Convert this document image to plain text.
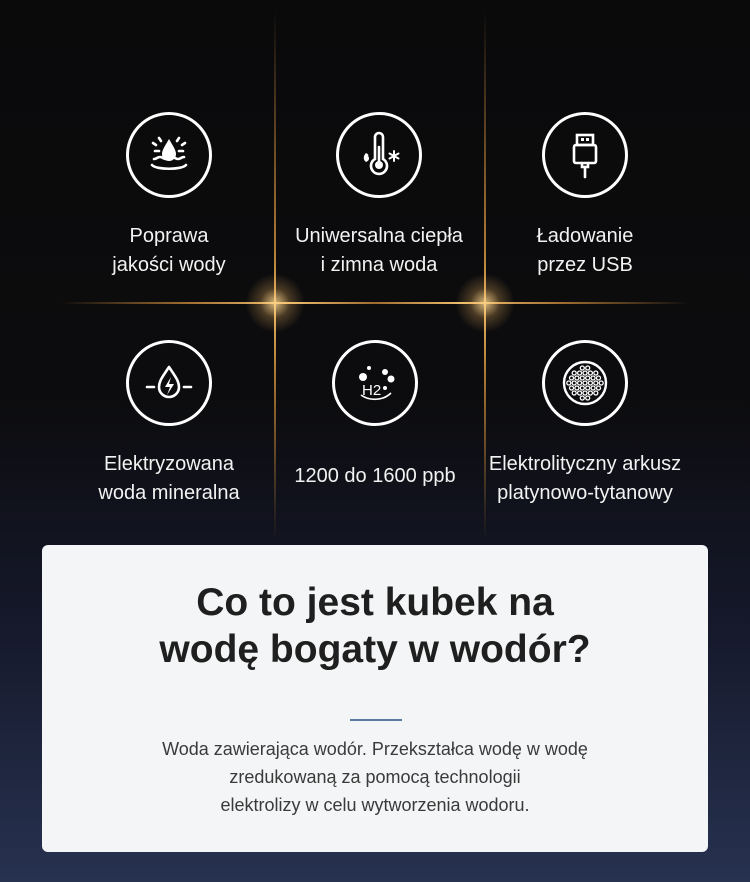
Poprawa
jakości wody
Uniwersalna ciepła
i zimna woda
Ładowanie
przez USB
Elektryzowana
woda mineralna
H2
1200 do 1600 ppb
Elektrolityczny arkusz
platynowo-tytanowy
Co to jest kubek na
wodę bogaty w wodór?
Woda zawierająca wodór. Przekształca wodę w wodę
zredukowaną za pomocą technologii
elektrolizy w celu wytworzenia wodoru.
